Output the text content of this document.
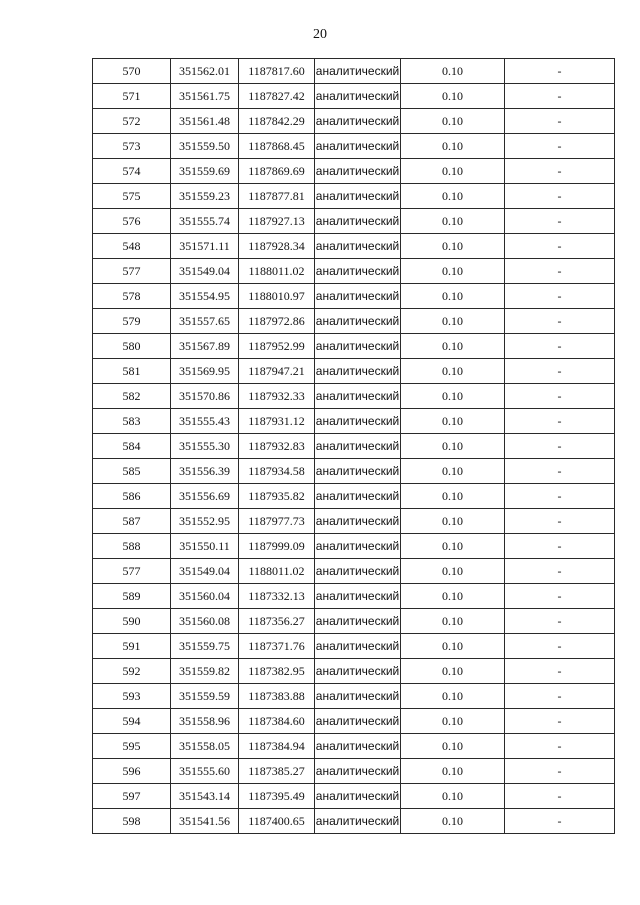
20
570	351562.01	1187817.60	аналитический	0.10	-
571	351561.75	1187827.42	аналитический	0.10	-
572	351561.48	1187842.29	аналитический	0.10	-
573	351559.50	1187868.45	аналитический	0.10	-
574	351559.69	1187869.69	аналитический	0.10	-
575	351559.23	1187877.81	аналитический	0.10	-
576	351555.74	1187927.13	аналитический	0.10	-
548	351571.11	1187928.34	аналитический	0.10	-
577	351549.04	1188011.02	аналитический	0.10	-
578	351554.95	1188010.97	аналитический	0.10	-
579	351557.65	1187972.86	аналитический	0.10	-
580	351567.89	1187952.99	аналитический	0.10	-
581	351569.95	1187947.21	аналитический	0.10	-
582	351570.86	1187932.33	аналитический	0.10	-
583	351555.43	1187931.12	аналитический	0.10	-
584	351555.30	1187932.83	аналитический	0.10	-
585	351556.39	1187934.58	аналитический	0.10	-
586	351556.69	1187935.82	аналитический	0.10	-
587	351552.95	1187977.73	аналитический	0.10	-
588	351550.11	1187999.09	аналитический	0.10	-
577	351549.04	1188011.02	аналитический	0.10	-
589	351560.04	1187332.13	аналитический	0.10	-
590	351560.08	1187356.27	аналитический	0.10	-
591	351559.75	1187371.76	аналитический	0.10	-
592	351559.82	1187382.95	аналитический	0.10	-
593	351559.59	1187383.88	аналитический	0.10	-
594	351558.96	1187384.60	аналитический	0.10	-
595	351558.05	1187384.94	аналитический	0.10	-
596	351555.60	1187385.27	аналитический	0.10	-
597	351543.14	1187395.49	аналитический	0.10	-
598	351541.56	1187400.65	аналитический	0.10	-
